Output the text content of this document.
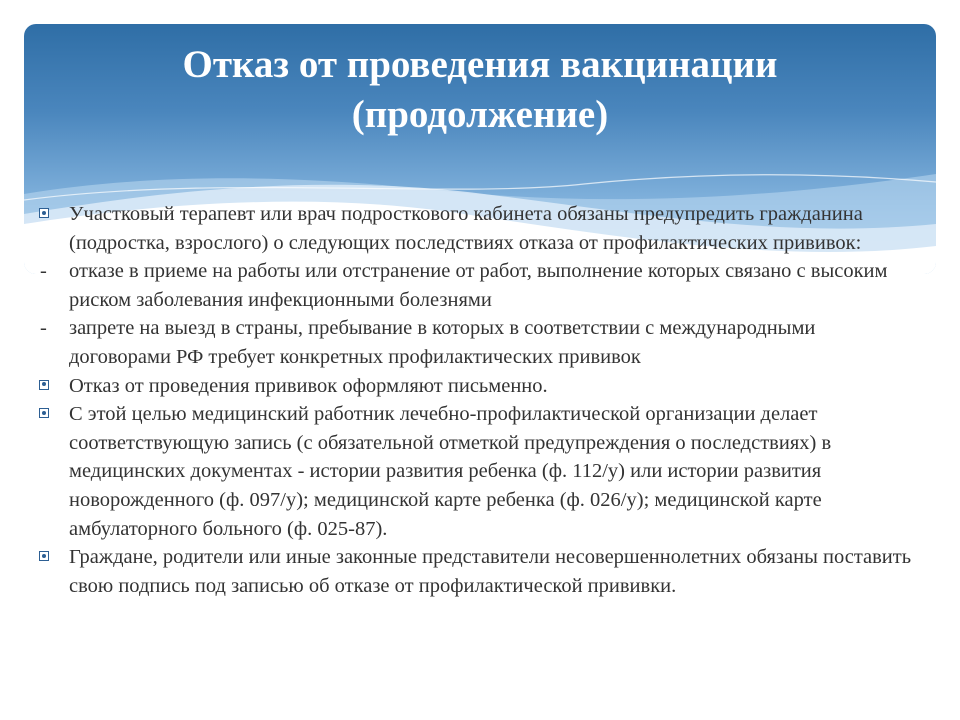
Отказ от проведения вакцинации
(продолжение)
Участковый терапевт или врач подросткового кабинета обязаны предупредить гражданина (подростка, взрослого) о следующих последствиях отказа от профилактических прививок:
- отказе в приеме на работы или отстранение от работ, выполнение которых связано с высоким риском заболевания инфекционными болезнями
- запрете на выезд в страны, пребывание в которых в соответствии с международными договорами РФ требует конкретных профилактических прививок
Отказ от проведения прививок оформляют письменно.
С этой целью медицинский работник лечебно-профилактической организации делает соответствующую запись (с обязательной отметкой предупреждения о последствиях) в медицинских документах - истории развития ребенка (ф. 112/у) или истории развития новорожденного (ф. 097/у); медицинской карте ребенка (ф. 026/у); медицинской карте амбулаторного больного (ф. 025-87).
Граждане, родители или иные законные представители несовершеннолетних обязаны поставить свою подпись под записью об отказе от профилактической прививки.
